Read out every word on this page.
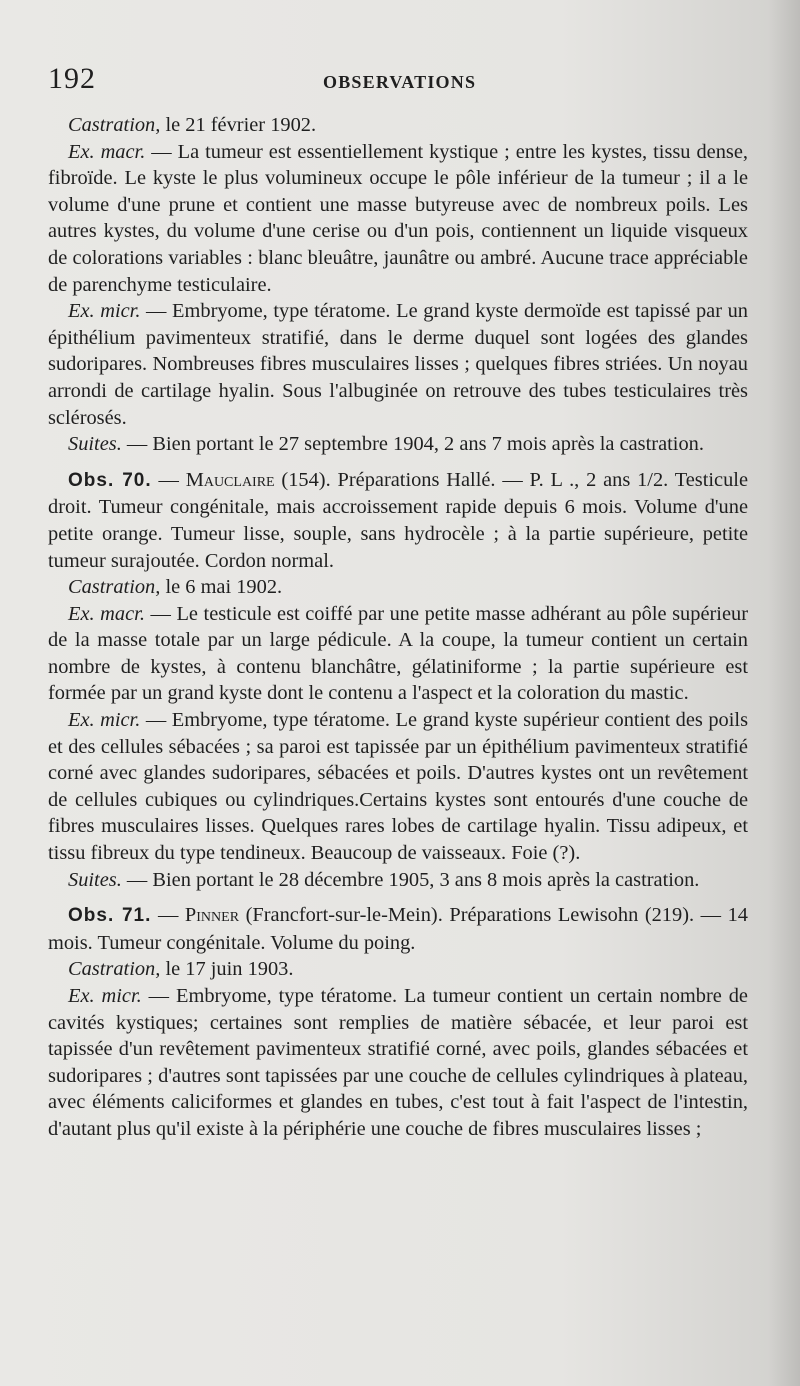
192	OBSERVATIONS

Castration, le 21 février 1902.

Ex. macr. — La tumeur est essentiellement kystique ; entre les kystes, tissu dense, fibroïde. Le kyste le plus volumineux occupe le pôle inférieur de la tumeur ; il a le volume d'une prune et contient une masse butyreuse avec de nombreux poils. Les autres kystes, du volume d'une cerise ou d'un pois, contiennent un liquide visqueux de colorations variables : blanc bleuâtre, jaunâtre ou ambré. Aucune trace appréciable de parenchyme testiculaire.

Ex. micr. — Embryome, type tératome. Le grand kyste dermoïde est tapissé par un épithélium pavimenteux stratifié, dans le derme duquel sont logées des glandes sudoripares. Nombreuses fibres musculaires lisses ; quelques fibres striées. Un noyau arrondi de cartilage hyalin. Sous l'albuginée on retrouve des tubes testiculaires très sclérosés.

Suites. — Bien portant le 27 septembre 1904, 2 ans 7 mois après la castration.

Obs. 70. — Mauclaire (154). Préparations Hallé. — P. L ., 2 ans 1/2. Testicule droit. Tumeur congénitale, mais accroissement rapide depuis 6 mois. Volume d'une petite orange. Tumeur lisse, souple, sans hydrocèle ; à la partie supérieure, petite tumeur surajoutée. Cordon normal.

Castration, le 6 mai 1902.

Ex. macr. — Le testicule est coiffé par une petite masse adhérant au pôle supérieur de la masse totale par un large pédicule. A la coupe, la tumeur contient un certain nombre de kystes, à contenu blanchâtre, gélatiniforme ; la partie supérieure est formée par un grand kyste dont le contenu a l'aspect et la coloration du mastic.

Ex. micr. — Embryome, type tératome. Le grand kyste supérieur contient des poils et des cellules sébacées ; sa paroi est tapissée par un épithélium pavimenteux stratifié corné avec glandes sudoripares, sébacées et poils. D'autres kystes ont un revêtement de cellules cubiques ou cylindriques.Certains kystes sont entourés d'une couche de fibres musculaires lisses. Quelques rares lobes de cartilage hyalin. Tissu adipeux, et tissu fibreux du type tendineux. Beaucoup de vaisseaux. Foie (?).

Suites. — Bien portant le 28 décembre 1905, 3 ans 8 mois après la castration.

Obs. 71. — Pinner (Francfort-sur-le-Mein). Préparations Lewisohn (219). — 14 mois. Tumeur congénitale. Volume du poing.

Castration, le 17 juin 1903.

Ex. micr. — Embryome, type tératome. La tumeur contient un certain nombre de cavités kystiques; certaines sont remplies de matière sébacée, et leur paroi est tapissée d'un revêtement pavimenteux stratifié corné, avec poils, glandes sébacées et sudoripares ; d'autres sont tapissées par une couche de cellules cylindriques à plateau, avec éléments caliciformes et glandes en tubes, c'est tout à fait l'aspect de l'intestin, d'autant plus qu'il existe à la périphérie une couche de fibres musculaires lisses ;
